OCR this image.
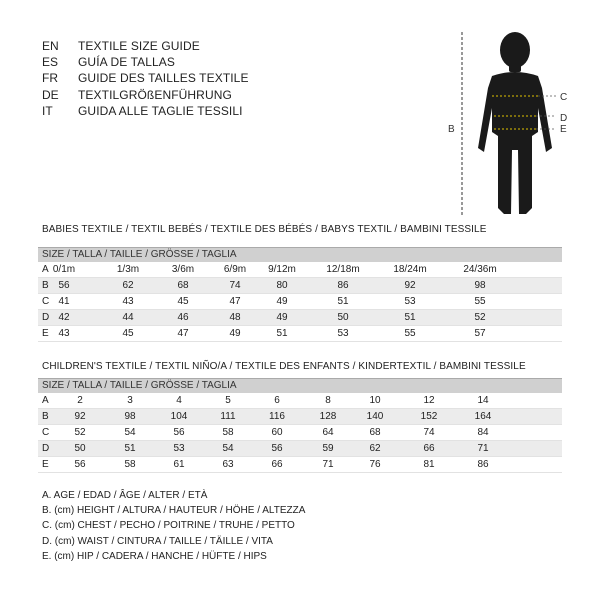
EN	TEXTILE SIZE GUIDE
ES	GUÍA DE TALLAS
FR	GUIDE DES TAILLES TEXTILE
DE	TEXTILGRÖßENFÜHRUNG
IT	GUIDA ALLE TAGLIE TESSILI
B
C
D
E
BABIES TEXTILE / TEXTIL BEBÉS / TEXTILE DES BÉBÉS / BABYS TEXTIL / BAMBINI TESSILE
SIZE / TALLA / TAILLE / GRÖSSE / TAGLIA
A 0/1m	1/3m	3/6m	6/9m	9/12m	12/18m	18/24m	24/36m
B 56	62	68	74	80	86	92	98
C 41	43	45	47	49	51	53	55
D 42	44	46	48	49	50	51	52
E 43	45	47	49	51	53	55	57
CHILDREN'S TEXTILE / TEXTIL NIÑO/A / TEXTILE DES ENFANTS / KINDERTEXTIL / BAMBINI TESSILE
SIZE / TALLA / TAILLE / GRÖSSE / TAGLIA
A	2	3	4	5	6	8	10	12	14
B	92	98	104	111	116	128	140	152	164
C	52	54	56	58	60	64	68	74	84
D	50	51	53	54	56	59	62	66	71
E	56	58	61	63	66	71	76	81	86
A. AGE / EDAD / ÂGE / ALTER / ETÀ
B. (cm) HEIGHT / ALTURA / HAUTEUR / HÖHE / ALTEZZA
C. (cm) CHEST / PECHO / POITRINE / TRUHE / PETTO
D. (cm) WAIST / CINTURA / TAILLE / TÄILLE / VITA
E. (cm) HIP / CADERA / HANCHE / HÜFTE / HIPS
